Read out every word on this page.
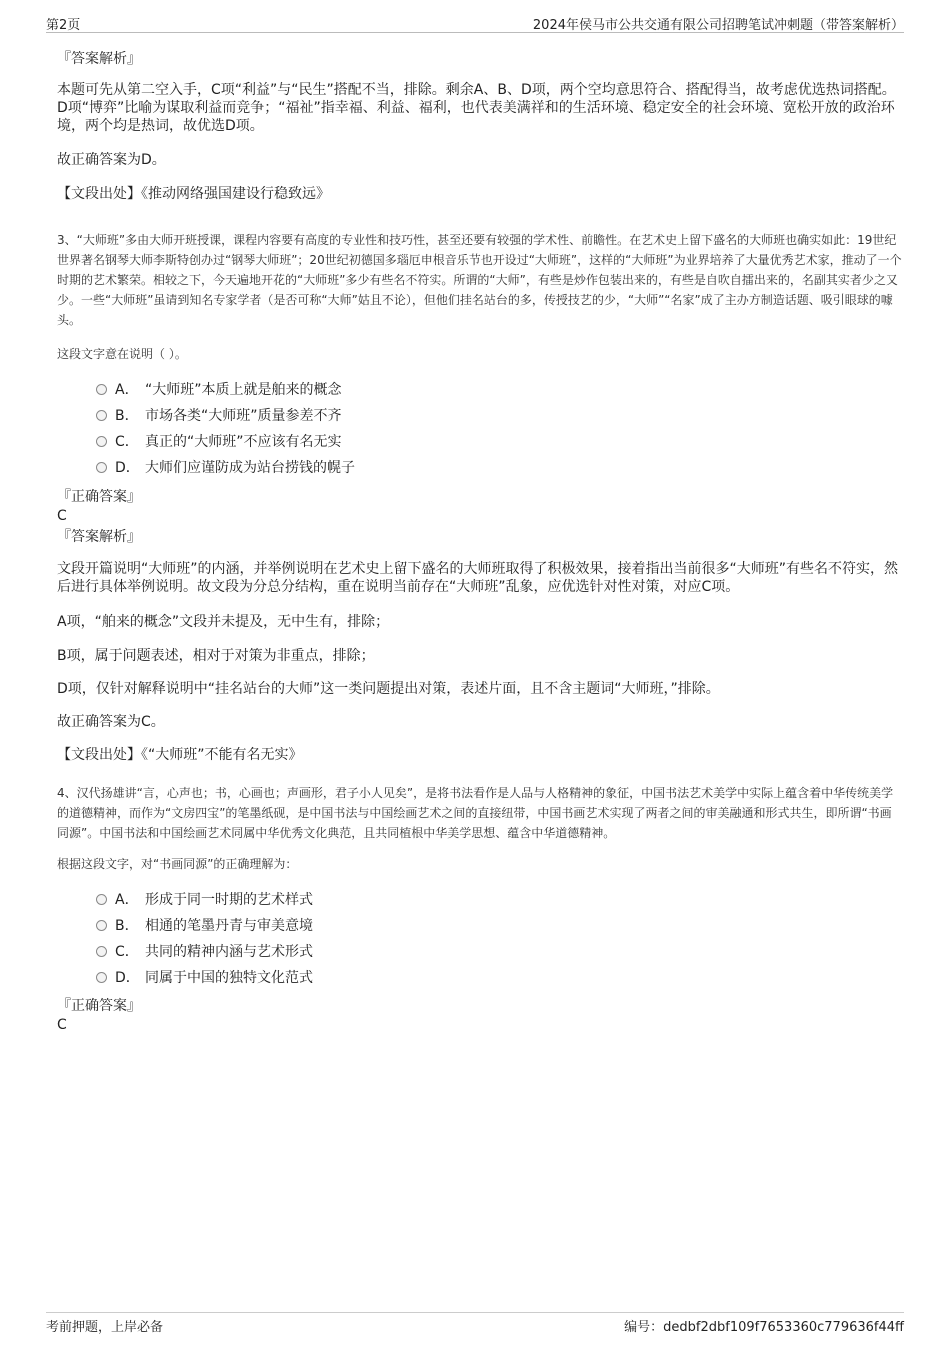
第2页	2024年侯马市公共交通有限公司招聘笔试冲刺题（带答案解析）
『答案解析』
本题可先从第二空入手，C项“利益”与“民生”搭配不当，排除。剩余A、B、D项，两个空均意思符合、搭配得当，故考虑优选热词搭配。D项“博弈”比喻为谋取利益而竞争；“福祉”指幸福、利益、福利，也代表美满祥和的生活环境、稳定安全的社会环境、宽松开放的政治环境，两个均是热词，故优选D项。
故正确答案为D。
【文段出处】《推动网络强国建设行稳致远》
3、“大师班”多由大师开班授课，课程内容要有高度的专业性和技巧性，甚至还要有较强的学术性、前瞻性。在艺术史上留下盛名的大师班也确实如此：19世纪世界著名钢琴大师李斯特创办过“钢琴大师班”；20世纪初德国多瑙厄申根音乐节也开设过“大师班”，这样的“大师班”为业界培养了大量优秀艺术家，推动了一个时期的艺术繁荣。相较之下，今天遍地开花的“大师班”多少有些名不符实。所谓的“大师”，有些是炒作包装出来的，有些是自吹自擂出来的，名副其实者少之又少。一些“大师班”虽请到知名专家学者（是否可称“大师”姑且不论），但他们挂名站台的多，传授技艺的少，“大师”“名家”成了主办方制造话题、吸引眼球的噱头。
这段文字意在说明（ ）。
A． “大师班”本质上就是舶来的概念
B． 市场各类“大师班”质量参差不齐
C． 真正的“大师班”不应该有名无实
D． 大师们应谨防成为站台捞钱的幌子
『正确答案』
C
『答案解析』
文段开篇说明“大师班”的内涵，并举例说明在艺术史上留下盛名的大师班取得了积极效果，接着指出当前很多“大师班”有些名不符实，然后进行具体举例说明。故文段为分总分结构，重在说明当前存在“大师班”乱象，应优选针对性对策，对应C项。
A项，“舶来的概念”文段并未提及，无中生有，排除；
B项，属于问题表述，相对于对策为非重点，排除；
D项，仅针对解释说明中“挂名站台的大师”这一类问题提出对策，表述片面，且不含主题词“大师班，”排除。
故正确答案为C。
【文段出处】《“大师班”不能有名无实》
4、汉代扬雄讲“言，心声也；书，心画也；声画形，君子小人见矣”，是将书法看作是人品与人格精神的象征，中国书法艺术美学中实际上蕴含着中华传统美学的道德精神，而作为“文房四宝”的笔墨纸砚，是中国书法与中国绘画艺术之间的直接纽带，中国书画艺术实现了两者之间的审美融通和形式共生，即所谓“书画同源”。中国书法和中国绘画艺术同属中华优秀文化典范，且共同植根中华美学思想、蕴含中华道德精神。
根据这段文字，对“书画同源”的正确理解为：
A． 形成于同一时期的艺术样式
B． 相通的笔墨丹青与审美意境
C． 共同的精神内涵与艺术形式
D． 同属于中国的独特文化范式
『正确答案』
C
考前押题，上岸必备	编号：dedbf2dbf109f7653360c779636f44ff
